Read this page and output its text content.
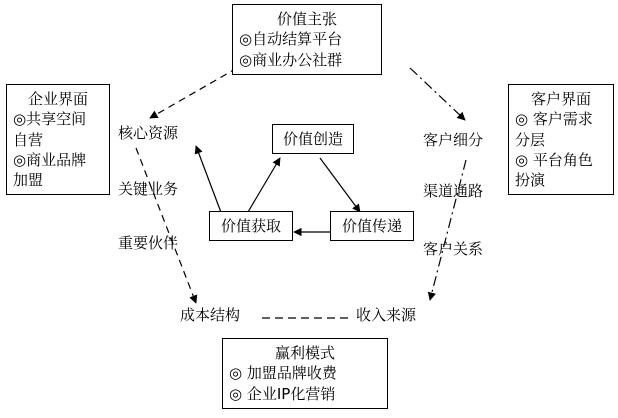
价值主张
◎自动结算平台
◎商业办公社群
企业界面
◎共享空间
自营
◎商业品牌
加盟
客户界面
◎ 客户需求
分层
◎ 平台角色
扮演
赢利模式
◎ 加盟品牌收费
◎ 企业IP化营销
价值创造
价值获取	价值传递
核心资源
关键业务
重要伙伴
客户细分
渠道通路
客户关系
成本结构	收入来源
